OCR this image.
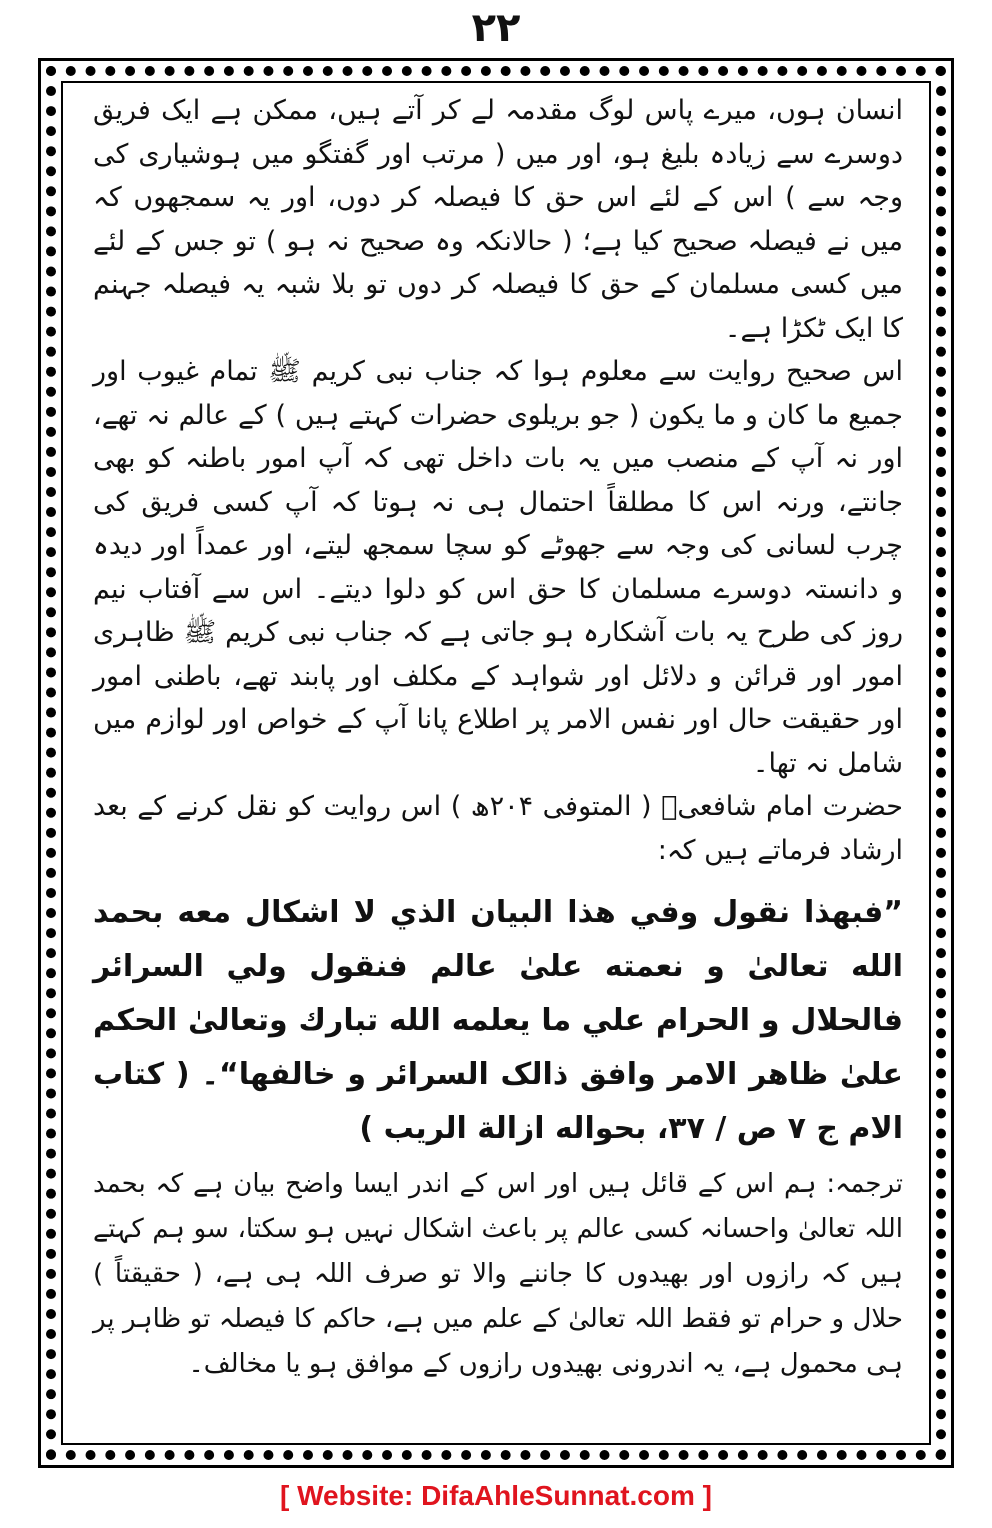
۲۲

انسان ہوں، میرے پاس لوگ مقدمہ لے کر آتے ہیں، ممکن ہے ایک فریق دوسرے سے زیادہ بلیغ ہو، اور میں ( مرتب اور گفتگو میں ہوشیاری کی وجہ سے ) اس کے لئے اس حق کا فیصلہ کر دوں، اور یہ سمجھوں کہ میں نے فیصلہ صحیح کیا ہے؛ ( حالانکہ وہ صحیح نہ ہو ) تو جس کے لئے میں کسی مسلمان کے حق کا فیصلہ کر دوں تو بلا شبہ یہ فیصلہ جہنم کا ایک ٹکڑا ہے۔

اس صحیح روایت سے معلوم ہوا کہ جناب نبی کریم ﷺ تمام غیوب اور جمیع ما کان و ما یکون ( جو بریلوی حضرات کہتے ہیں ) کے عالم نہ تھے، اور نہ آپ کے منصب میں یہ بات داخل تھی کہ آپ امور باطنہ کو بھی جانتے، ورنہ اس کا مطلقاً احتمال ہی نہ ہوتا کہ آپ کسی فریق کی چرب لسانی کی وجہ سے جھوٹے کو سچا سمجھ لیتے، اور عمداً اور دیدہ و دانستہ دوسرے مسلمان کا حق اس کو دلوا دیتے۔ اس سے آفتاب نیم روز کی طرح یہ بات آشکارہ ہو جاتی ہے کہ جناب نبی کریم ﷺ ظاہری امور اور قرائن و دلائل اور شواہد کے مکلف اور پابند تھے، باطنی امور اور حقیقت حال اور نفس الامر پر اطلاع پانا آپ کے خواص اور لوازم میں شامل نہ تھا۔

حضرت امام شافعیؒ ( المتوفی ۲۰۴ھ ) اس روایت کو نقل کرنے کے بعد ارشاد فرماتے ہیں کہ:

”فبهذا نقول وفي هذا البيان الذي لا اشكال معه بحمد الله تعالىٰ و نعمته علىٰ عالم فنقول ولي السرائر فالحلال و الحرام علي ما يعلمه الله تبارك وتعالىٰ الحكم علىٰ ظاهر الامر وافق ذالک السرائر و خالفها“۔ ( كتاب الام ج ۷ ص / ۳۷، بحواله ازالة الريب )

ترجمہ: ہم اس کے قائل ہیں اور اس کے اندر ایسا واضح بیان ہے کہ بحمد اللہ تعالیٰ واحسانہ کسی عالم پر باعث اشکال نہیں ہو سکتا، سو ہم کہتے ہیں کہ رازوں اور بھیدوں کا جاننے والا تو صرف اللہ ہی ہے، ( حقیقتاً ) حلال و حرام تو فقط اللہ تعالیٰ کے علم میں ہے، حاکم کا فیصلہ تو ظاہر پر ہی محمول ہے، یہ اندرونی بھیدوں رازوں کے موافق ہو یا مخالف۔

[ Website: DifaAhleSunnat.com ]
